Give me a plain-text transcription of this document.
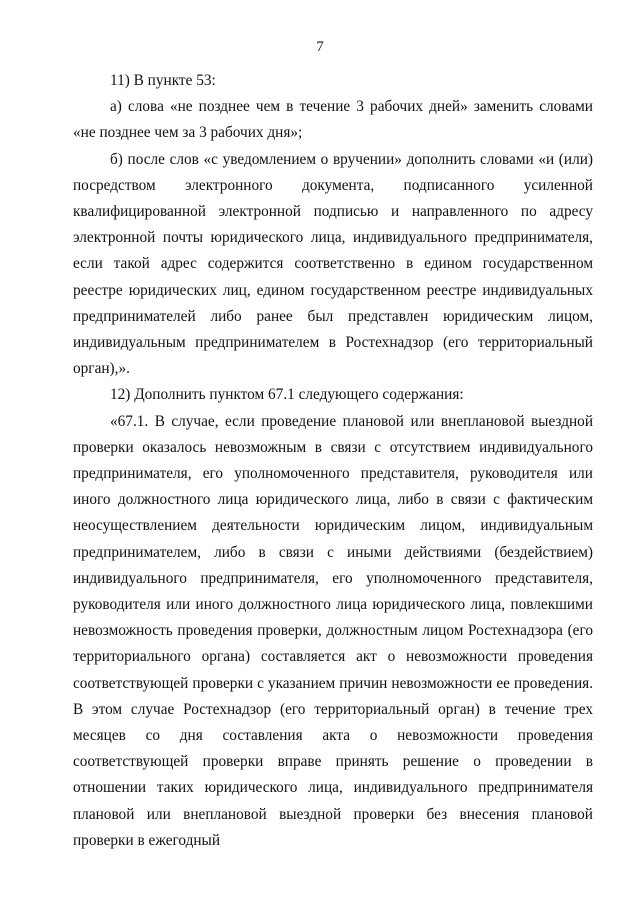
7

11) В пункте 53:

а) слова «не позднее чем в течение 3 рабочих дней» заменить словами «не позднее чем за 3 рабочих дня»;

б) после слов «с уведомлением о вручении» дополнить словами «и (или) посредством электронного документа, подписанного усиленной квалифицированной электронной подписью и направленного по адресу электронной почты юридического лица, индивидуального предпринимателя, если такой адрес содержится соответственно в едином государственном реестре юридических лиц, едином государственном реестре индивидуальных предпринимателей либо ранее был представлен юридическим лицом, индивидуальным предпринимателем в Ростехнадзор (его территориальный орган),».

12) Дополнить пунктом 67.1 следующего содержания:

«67.1. В случае, если проведение плановой или внеплановой выездной проверки оказалось невозможным в связи с отсутствием индивидуального предпринимателя, его уполномоченного представителя, руководителя или иного должностного лица юридического лица, либо в связи с фактическим неосуществлением деятельности юридическим лицом, индивидуальным предпринимателем, либо в связи с иными действиями (бездействием) индивидуального предпринимателя, его уполномоченного представителя, руководителя или иного должностного лица юридического лица, повлекшими невозможность проведения проверки, должностным лицом Ростехнадзора (его территориального органа) составляется акт о невозможности проведения соответствующей проверки с указанием причин невозможности ее проведения. В этом случае Ростехнадзор (его территориальный орган) в течение трех месяцев со дня составления акта о невозможности проведения соответствующей проверки вправе принять решение о проведении в отношении таких юридического лица, индивидуального предпринимателя плановой или внеплановой выездной проверки без внесения плановой проверки в ежегодный
